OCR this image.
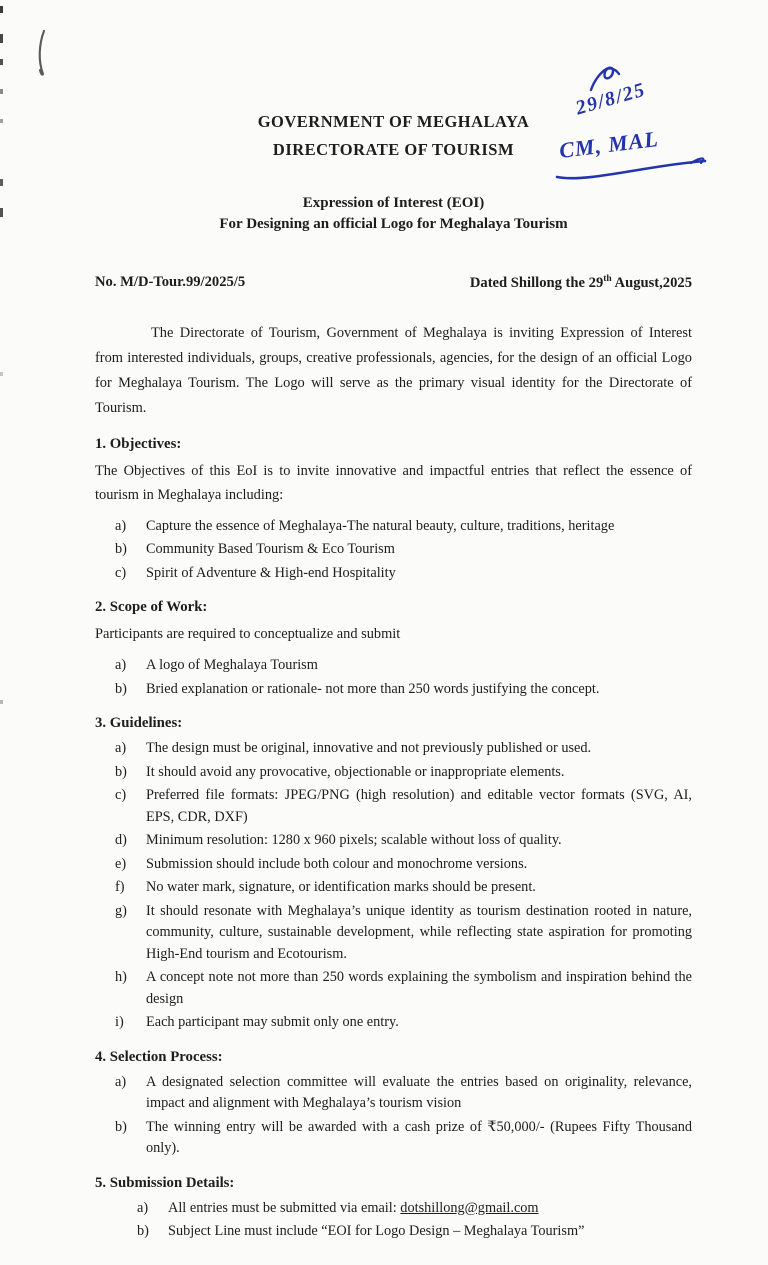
29/8/25
CM, MAL
GOVERNMENT OF MEGHALAYA
DIRECTORATE OF TOURISM
Expression of Interest (EOI)
For Designing an official Logo for Meghalaya Tourism
No. M/D-Tour.99/2025/5	Dated Shillong the 29th August,2025

The Directorate of Tourism, Government of Meghalaya is inviting Expression of Interest from interested individuals, groups, creative professionals, agencies, for the design of an official Logo for Meghalaya Tourism. The Logo will serve as the primary visual identity for the Directorate of Tourism.

1. Objectives:
The Objectives of this EoI is to invite innovative and impactful entries that reflect the essence of tourism in Meghalaya including:
a)	Capture the essence of Meghalaya-The natural beauty, culture, traditions, heritage
b)	Community Based Tourism & Eco Tourism
c)	Spirit of Adventure & High-end Hospitality
2. Scope of Work:
Participants are required to conceptualize and submit
a)	A logo of Meghalaya Tourism
b)	Bried explanation or rationale- not more than 250 words justifying the concept.
3. Guidelines:
a)	The design must be original, innovative and not previously published or used.
b)	It should avoid any provocative, objectionable or inappropriate elements.
c)	Preferred file formats: JPEG/PNG (high resolution) and editable vector formats (SVG, AI, EPS, CDR, DXF)
d)	Minimum resolution: 1280 x 960 pixels; scalable without loss of quality.
e)	Submission should include both colour and monochrome versions.
f)	No water mark, signature, or identification marks should be present.
g)	It should resonate with Meghalaya’s unique identity as tourism destination rooted in nature, community, culture, sustainable development, while reflecting state aspiration for promoting High-End tourism and Ecotourism.
h)	A concept note not more than 250 words explaining the symbolism and inspiration behind the design
i)	Each participant may submit only one entry.
4. Selection Process:
a)	A designated selection committee will evaluate the entries based on originality, relevance, impact and alignment with Meghalaya’s tourism vision
b)	The winning entry will be awarded with a cash prize of ₹50,000/- (Rupees Fifty Thousand only).
5. Submission Details:
a)	All entries must be submitted via email: dotshillong@gmail.com
b)	Subject Line must include “EOI for Logo Design – Meghalaya Tourism”
